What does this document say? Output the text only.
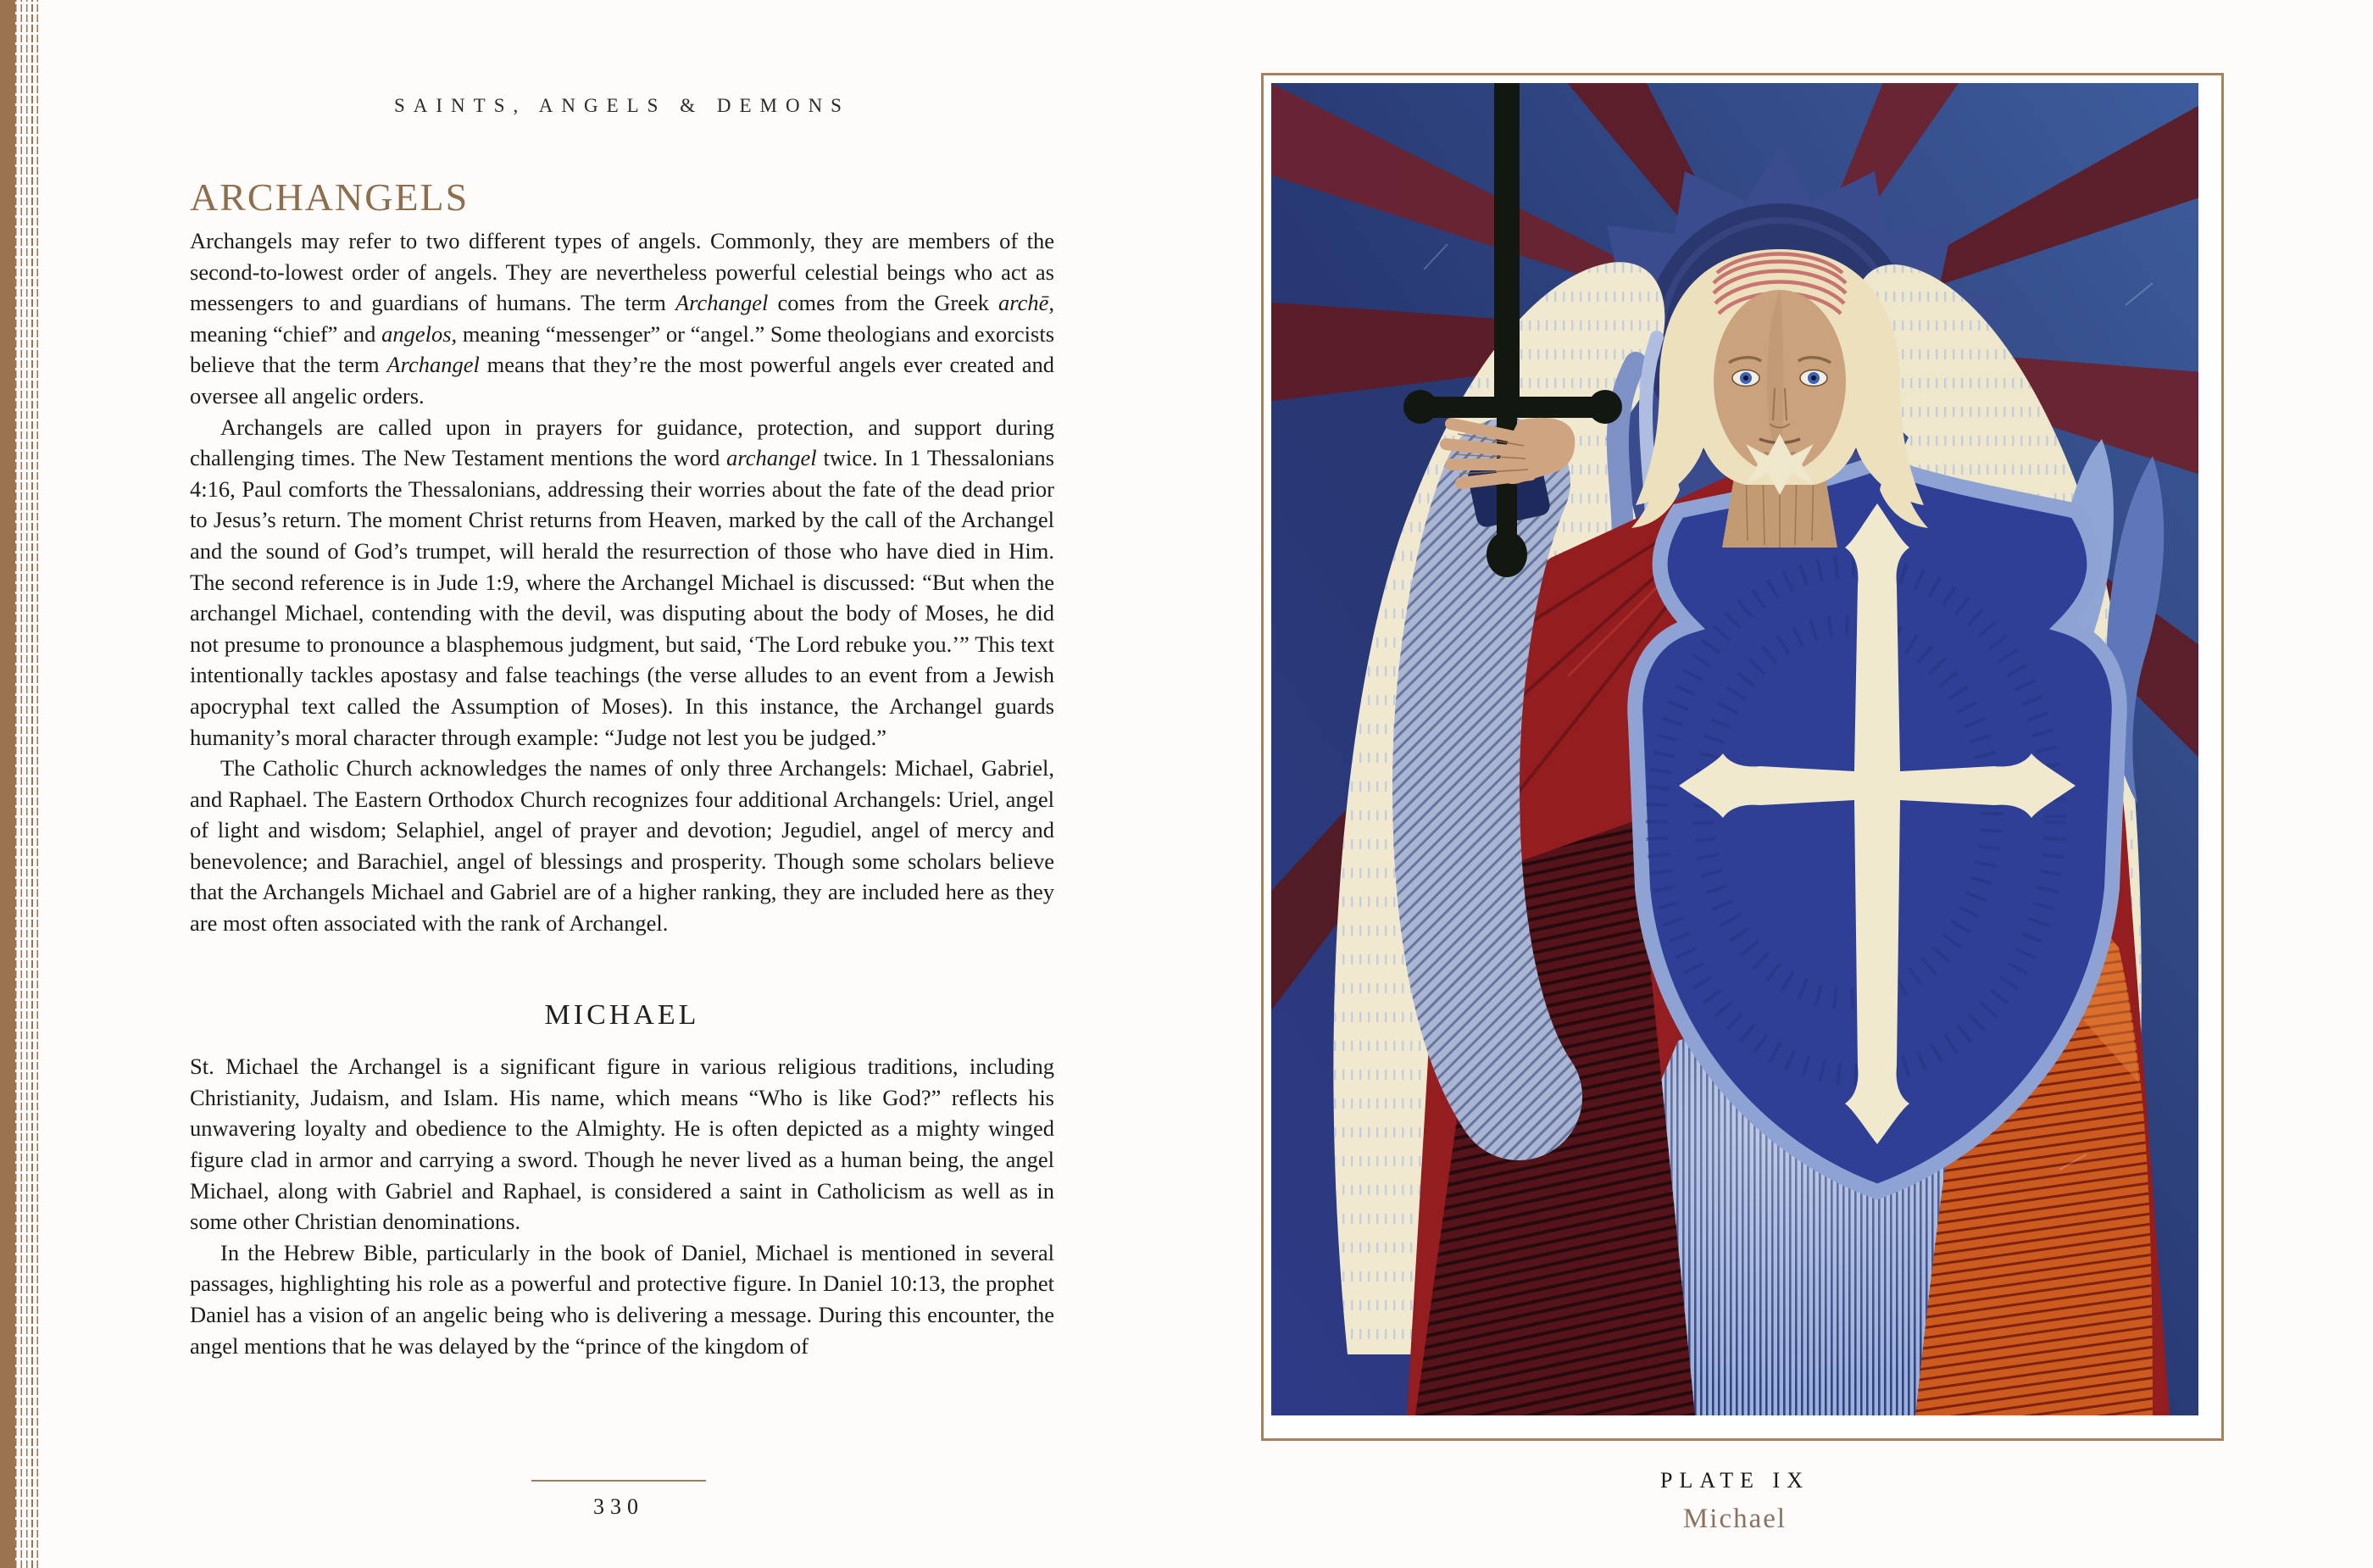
SAINTS, ANGELS & DEMONS
ARCHANGELS

Archangels may refer to two different types of angels. Commonly, they are members of the second-to-lowest order of angels. They are nevertheless powerful celestial beings who act as messengers to and guardians of humans. The term Archangel comes from the Greek archē, meaning “chief” and angelos, meaning “messenger” or “angel.” Some theologians and exorcists believe that the term Archangel means that they’re the most powerful angels ever created and oversee all angelic orders.

Archangels are called upon in prayers for guidance, protection, and support during challenging times. The New Testament mentions the word archangel twice. In 1 Thessalonians 4:16, Paul comforts the Thessalonians, addressing their worries about the fate of the dead prior to Jesus’s return. The moment Christ returns from Heaven, marked by the call of the Archangel and the sound of God’s trumpet, will herald the resurrection of those who have died in Him. The second reference is in Jude 1:9, where the Archangel Michael is discussed: “But when the archangel Michael, contending with the devil, was disputing about the body of Moses, he did not presume to pronounce a blasphemous judgment, but said, ‘The Lord rebuke you.’” This text intentionally tackles apostasy and false teachings (the verse alludes to an event from a Jewish apocryphal text called the Assumption of Moses). In this instance, the Archangel guards humanity’s moral character through example: “Judge not lest you be judged.”

The Catholic Church acknowledges the names of only three Archangels: Michael, Gabriel, and Raphael. The Eastern Orthodox Church recognizes four additional Archangels: Uriel, angel of light and wisdom; Selaphiel, angel of prayer and devotion; Jegudiel, angel of mercy and benevolence; and Barachiel, angel of blessings and prosperity. Though some scholars believe that the Archangels Michael and Gabriel are of a higher ranking, they are included here as they are most often associated with the rank of Archangel.

MICHAEL

St. Michael the Archangel is a significant figure in various religious traditions, including Christianity, Judaism, and Islam. His name, which means “Who is like God?” reflects his unwavering loyalty and obedience to the Almighty. He is often depicted as a mighty winged figure clad in armor and carrying a sword. Though he never lived as a human being, the angel Michael, along with Gabriel and Raphael, is considered a saint in Catholicism as well as in some other Christian denominations.

In the Hebrew Bible, particularly in the book of Daniel, Michael is mentioned in several passages, highlighting his role as a powerful and protective figure. In Daniel 10:13, the prophet Daniel has a vision of an angelic being who is delivering a message. During this encounter, the angel mentions that he was delayed by the “prince of the kingdom of

330
PLATE IX
Michael
